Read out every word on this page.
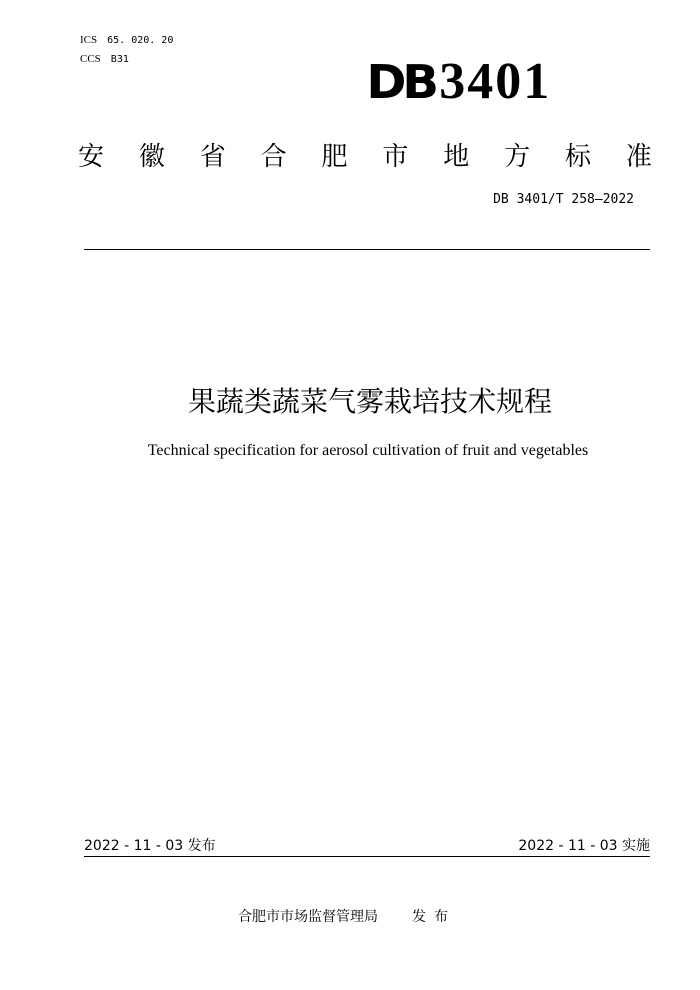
ICS 65. 020. 20
CCS B31	DB3401
安 徽 省 合 肥 市 地 方 标 准
DB 3401/T 258—2022
果蔬类蔬菜气雾栽培技术规程
Technical specification for aerosol cultivation of fruit and vegetables
2022 - 11 - 03 发布	2022 - 11 - 03 实施
合肥市市场监督管理局 发布
